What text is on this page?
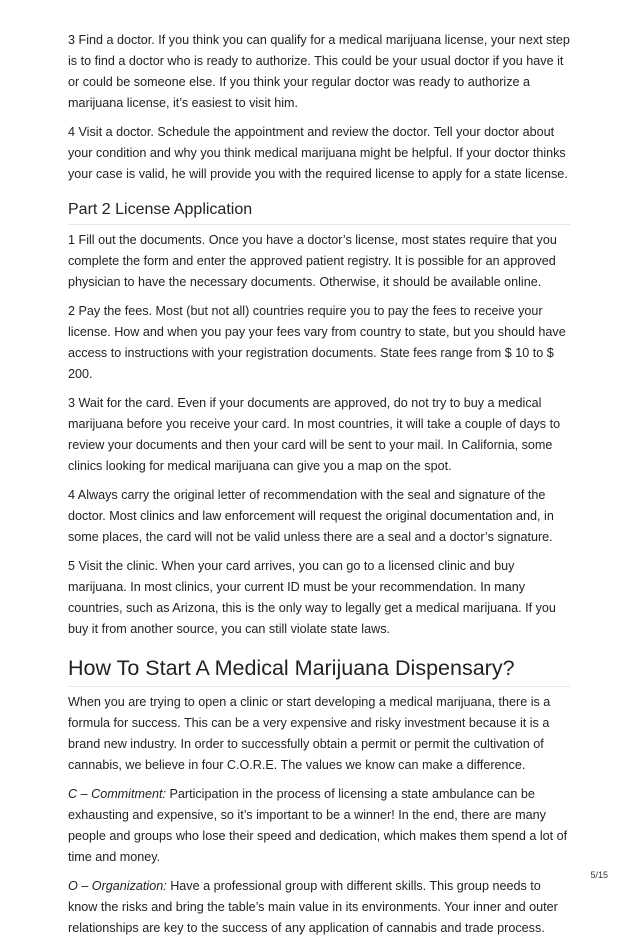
3 Find a doctor. If you think you can qualify for a medical marijuana license, your next step is to find a doctor who is ready to authorize. This could be your usual doctor if you have it or could be someone else. If you think your regular doctor was ready to authorize a marijuana license, it’s easiest to visit him.

4 Visit a doctor. Schedule the appointment and review the doctor. Tell your doctor about your condition and why you think medical marijuana might be helpful. If your doctor thinks your case is valid, he will provide you with the required license to apply for a state license.

Part 2 License Application

1 Fill out the documents. Once you have a doctor’s license, most states require that you complete the form and enter the approved patient registry. It is possible for an approved physician to have the necessary documents. Otherwise, it should be available online.

2 Pay the fees. Most (but not all) countries require you to pay the fees to receive your license. How and when you pay your fees vary from country to state, but you should have access to instructions with your registration documents. State fees range from $ 10 to $ 200.

3 Wait for the card. Even if your documents are approved, do not try to buy a medical marijuana before you receive your card. In most countries, it will take a couple of days to review your documents and then your card will be sent to your mail. In California, some clinics looking for medical marijuana can give you a map on the spot.

4 Always carry the original letter of recommendation with the seal and signature of the doctor. Most clinics and law enforcement will request the original documentation and, in some places, the card will not be valid unless there are a seal and a doctor’s signature.

5 Visit the clinic. When your card arrives, you can go to a licensed clinic and buy marijuana. In most clinics, your current ID must be your recommendation. In many countries, such as Arizona, this is the only way to legally get a medical marijuana. If you buy it from another source, you can still violate state laws.

How To Start A Medical Marijuana Dispensary?

When you are trying to open a clinic or start developing a medical marijuana, there is a formula for success. This can be a very expensive and risky investment because it is a brand new industry. In order to successfully obtain a permit or permit the cultivation of cannabis, we believe in four C.O.R.E. The values we know can make a difference.

C – Commitment: Participation in the process of licensing a state ambulance can be exhausting and expensive, so it’s important to be a winner! In the end, there are many people and groups who lose their speed and dedication, which makes them spend a lot of time and money.

O – Organization: Have a professional group with different skills. This group needs to know the risks and bring the table’s main value in its environments. Your inner and outer relationships are key to the success of any application of cannabis and trade process.

5/15
